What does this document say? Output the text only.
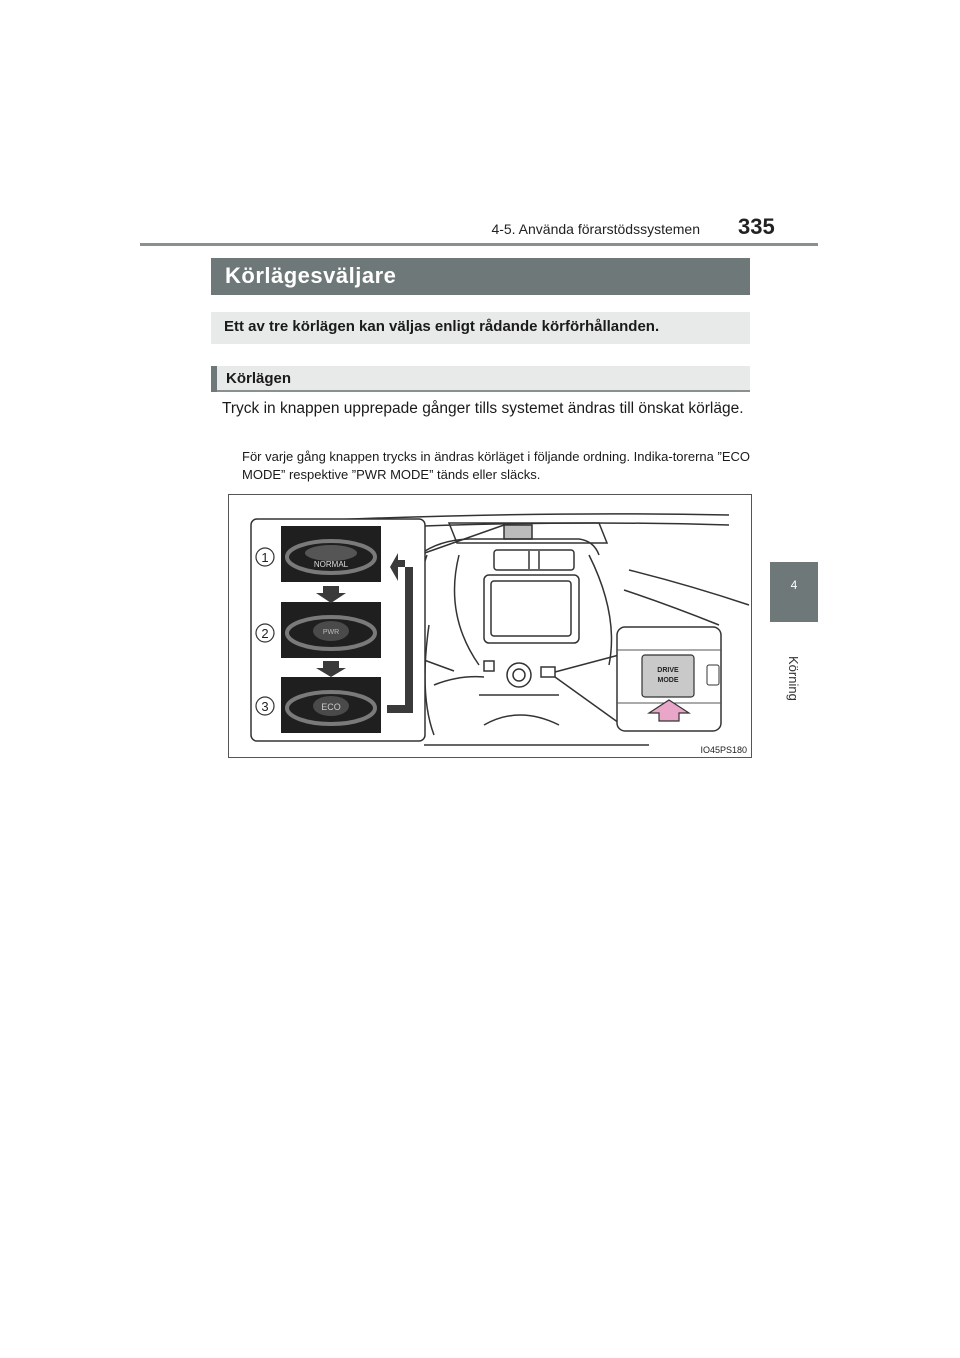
4-5. Använda förarstödssystemen 335
4
Körning
Körlägesväljare
Ett av tre körlägen kan väljas enligt rådande körförhållanden.
Körlägen
Tryck in knappen upprepade gånger tills systemet ändras till önskat körläge.
För varje gång knappen trycks in ändras körläget i följande ordning. Indika-torerna ”ECO MODE” respektive ”PWR MODE” tänds eller släcks.
DRIVE
MODE
1
2
3
NORMAL
PWR
ECO
IO45PS180
